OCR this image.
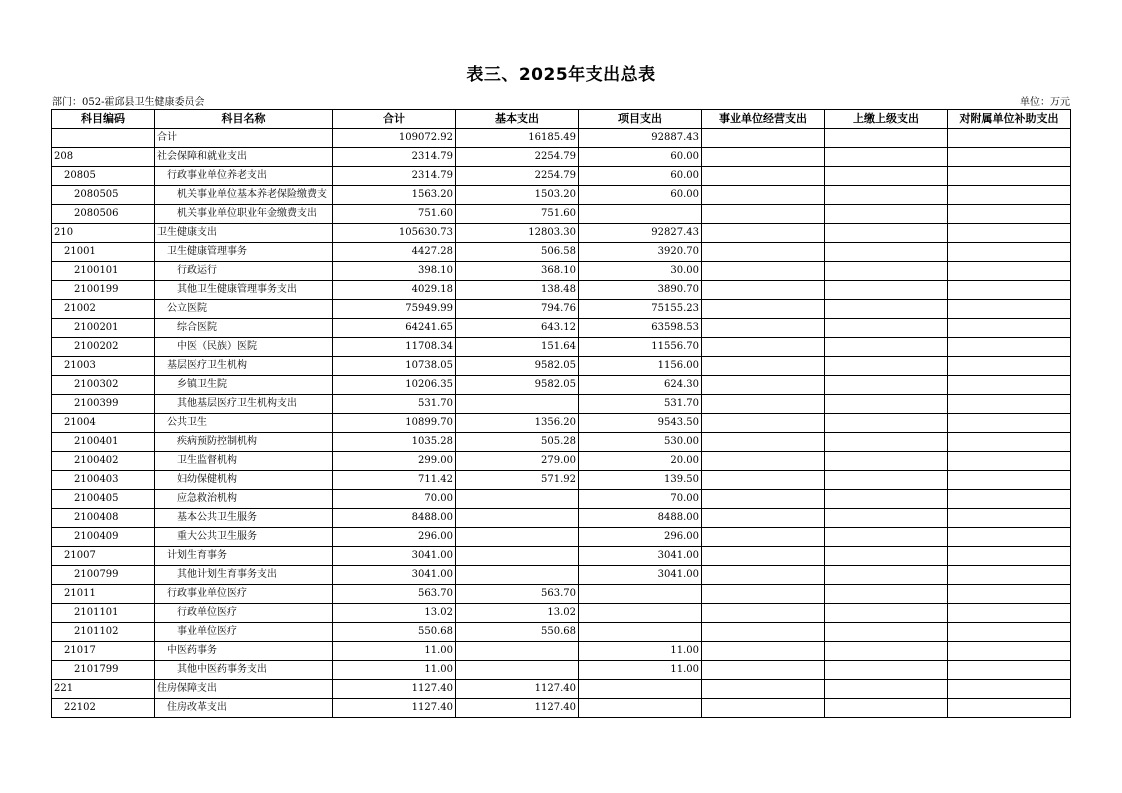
表三、2025年支出总表
部门：052-霍邱县卫生健康委员会	单位：万元
科目编码	科目名称	合计	基本支出	项目支出	事业单位经营支出	上缴上级支出	对附属单位补助支出
	合计	109072.92	16185.49	92887.43			
208	社会保障和就业支出	2314.79	2254.79	60.00			
20805	行政事业单位养老支出	2314.79	2254.79	60.00			
2080505	机关事业单位基本养老保险缴费支	1563.20	1503.20	60.00			
2080506	机关事业单位职业年金缴费支出	751.60	751.60				
210	卫生健康支出	105630.73	12803.30	92827.43			
21001	卫生健康管理事务	4427.28	506.58	3920.70			
2100101	行政运行	398.10	368.10	30.00			
2100199	其他卫生健康管理事务支出	4029.18	138.48	3890.70			
21002	公立医院	75949.99	794.76	75155.23			
2100201	综合医院	64241.65	643.12	63598.53			
2100202	中医（民族）医院	11708.34	151.64	11556.70			
21003	基层医疗卫生机构	10738.05	9582.05	1156.00			
2100302	乡镇卫生院	10206.35	9582.05	624.30			
2100399	其他基层医疗卫生机构支出	531.70		531.70			
21004	公共卫生	10899.70	1356.20	9543.50			
2100401	疾病预防控制机构	1035.28	505.28	530.00			
2100402	卫生监督机构	299.00	279.00	20.00			
2100403	妇幼保健机构	711.42	571.92	139.50			
2100405	应急救治机构	70.00		70.00			
2100408	基本公共卫生服务	8488.00		8488.00			
2100409	重大公共卫生服务	296.00		296.00			
21007	计划生育事务	3041.00		3041.00			
2100799	其他计划生育事务支出	3041.00		3041.00			
21011	行政事业单位医疗	563.70	563.70				
2101101	行政单位医疗	13.02	13.02				
2101102	事业单位医疗	550.68	550.68				
21017	中医药事务	11.00		11.00			
2101799	其他中医药事务支出	11.00		11.00			
221	住房保障支出	1127.40	1127.40				
22102	住房改革支出	1127.40	1127.40				
